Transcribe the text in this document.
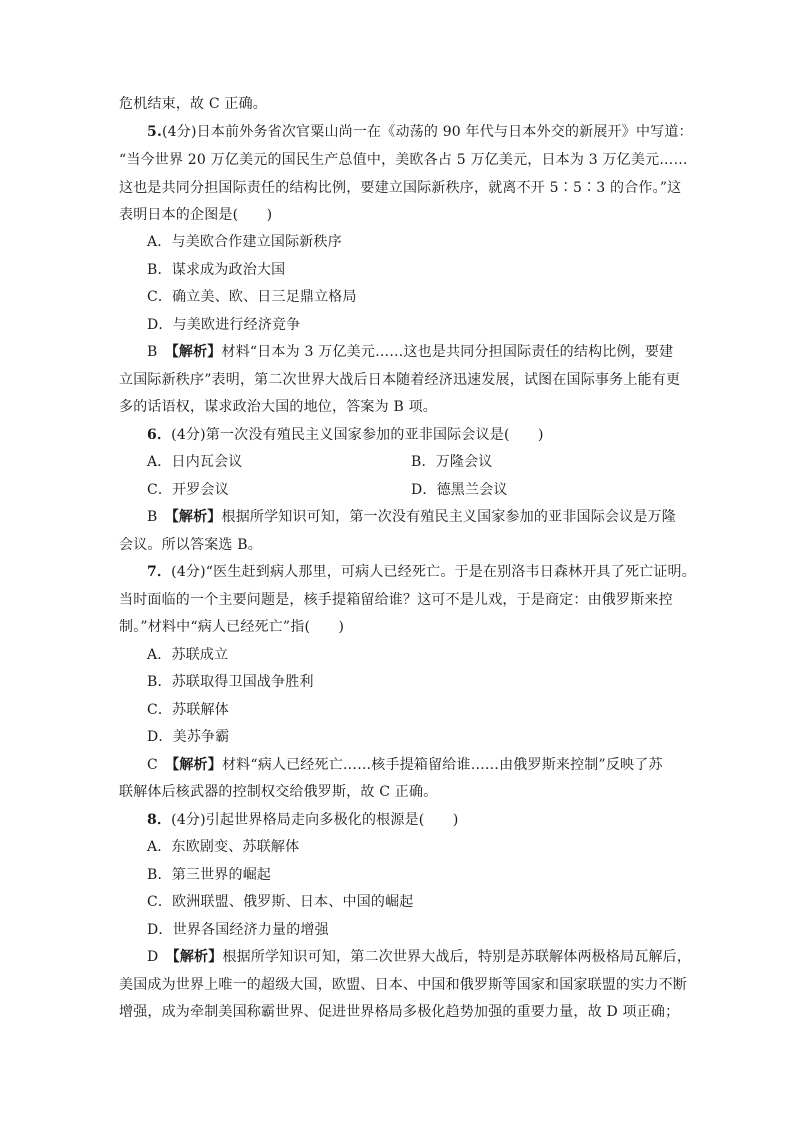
危机结束，故 C 正确。
5.(4分)日本前外务省次官粟山尚一在《动荡的 90 年代与日本外交的新展开》中写道：
“当今世界 20 万亿美元的国民生产总值中，美欧各占 5 万亿美元，日本为 3 万亿美元……
这也是共同分担国际责任的结构比例，要建立国际新秩序，就离不开 5∶5∶3 的合作。”这
表明日本的企图是(　　)
A．与美欧合作建立国际新秩序
B．谋求成为政治大国
C．确立美、欧、日三足鼎立格局
D．与美欧进行经济竞争
B　 【解析】材料“日本为 3 万亿美元……这也是共同分担国际责任的结构比例，要建
立国际新秩序”表明，第二次世界大战后日本随着经济迅速发展，试图在国际事务上能有更
多的话语权，谋求政治大国的地位，答案为 B 项。
6．(4分)第一次没有殖民主义国家参加的亚非国际会议是(　　)
A．日内瓦会议	B．万隆会议
C．开罗会议	D．德黑兰会议
B　 【解析】根据所学知识可知，第一次没有殖民主义国家参加的亚非国际会议是万隆
会议。所以答案选 B。
7．(4分)“医生赶到病人那里，可病人已经死亡。于是在别洛韦日森林开具了死亡证明。
当时面临的一个主要问题是，核手提箱留给谁？这可不是儿戏，于是商定：由俄罗斯来控
制。”材料中“病人已经死亡”指(　　)
A．苏联成立
B．苏联取得卫国战争胜利
C．苏联解体
D．美苏争霸
C　 【解析】材料“病人已经死亡……核手提箱留给谁……由俄罗斯来控制”反映了苏
联解体后核武器的控制权交给俄罗斯，故 C 正确。
8．(4分)引起世界格局走向多极化的根源是(　　)
A．东欧剧变、苏联解体
B．第三世界的崛起
C．欧洲联盟、俄罗斯、日本、中国的崛起
D．世界各国经济力量的增强
D　 【解析】根据所学知识可知，第二次世界大战后，特别是苏联解体两极格局瓦解后，
美国成为世界上唯一的超级大国，欧盟、日本、中国和俄罗斯等国家和国家联盟的实力不断
增强，成为牵制美国称霸世界、促进世界格局多极化趋势加强的重要力量，故 D 项正确；
